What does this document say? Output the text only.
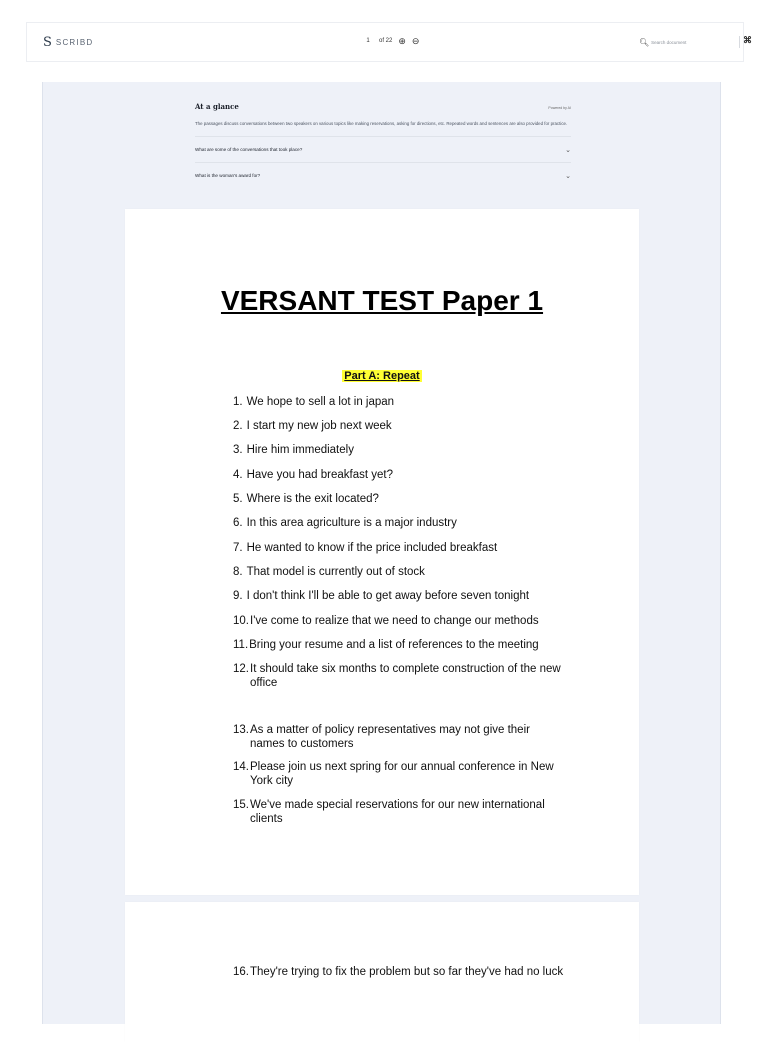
S SCRIBD	1	of 22 ⊕ ⊖	🔍︎ Search document	⌘
At a glance	Powered by AI
The passages discuss conversations between two speakers on various topics like making reservations, asking for directions, etc. Repeated words and sentences are also provided for practice.
What are some of the conversations that took place?	⌄
What is the woman's award for?	⌄
VERSANT TEST Paper 1
Part A: Repeat
1. We hope to sell a lot in japan
2. I start my new job next week
3. Hire him immediately
4. Have you had breakfast yet?
5. Where is the exit located?
6. In this area agriculture is a major industry
7. He wanted to know if the price included breakfast
8. That model is currently out of stock
9. I don't think I'll be able to get away before seven tonight
10. I've come to realize that we need to change our methods
11. Bring your resume and a list of references to the meeting
12. It should take six months to complete construction of the new office
13. As a matter of policy representatives may not give their names to customers
14. Please join us next spring for our annual conference in New York city
15. We've made special reservations for our new international clients
16. They're trying to fix the problem but so far they've had no luck
